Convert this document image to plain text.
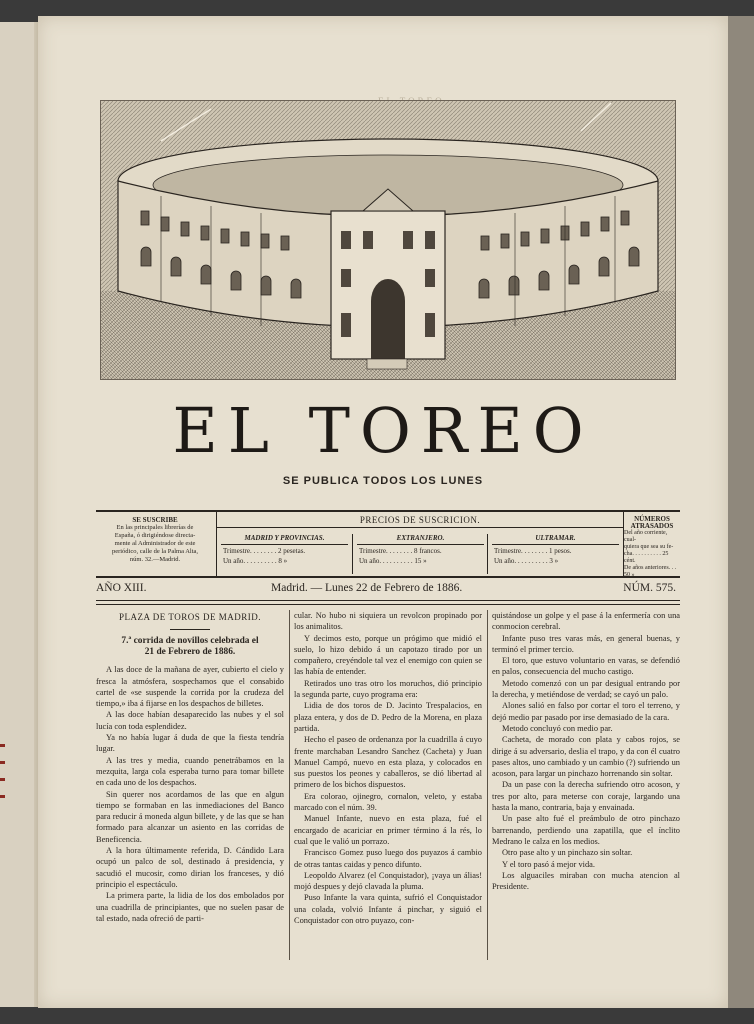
EL TOREO
SE PUBLICA TODOS LOS LUNES
SE SUSCRIBE
En las principales librerías de
España, ó dirigiéndose directa-
mente al Administrador de este
periódico, calle de la Palma Alta,
núm. 32.—Madrid.
PRECIOS DE SUSCRICION.
MADRID Y PROVINCIAS.
Trimestre. . . . . . . . 2 pesetas.
Un año. . . . . . . . . . 8 »
EXTRANJERO.
Trimestre. . . . . . . . 8 francos.
Un año. . . . . . . . . . 15 »
ULTRAMAR.
Trimestre. . . . . . . . 1 pesos.
Un año. . . . . . . . . . 3 »
NÚMEROS ATRASADOS
Del año corriente, cual-
quiera que sea su fe-
cha. . . . . . . . . . 25 cént.
De años anteriores. . . 50 »
AÑO XIII.	Madrid. — Lunes 22 de Febrero de 1886.	NÚM. 575.

PLAZA DE TOROS DE MADRID.

7.ª corrida de novillos celebrada el
21 de Febrero de 1886.

A las doce de la mañana de ayer, cubierto el cielo y fresca la atmósfera, sospechamos que el consabido cartel de «se suspende la corrida por la crudeza del tiempo,» iba á fijarse en los despachos de billetes.

A las doce habían desaparecido las nubes y el sol lucía con toda esplendidez.

Ya no había lugar á duda de que la fiesta tendría lugar.

A las tres y media, cuando penetrábamos en la mezquita, larga cola esperaba turno para tomar billete en cada uno de los despachos.

Sin querer nos acordamos de las que en algun tiempo se formaban en las inmediaciones del Banco para reducir á moneda algun billete, y de las que se han formado para alcanzar un asiento en las corridas de Beneficencia.

A la hora últimamente referida, D. Cándido Lara ocupó un palco de sol, destinado á presidencia, y sacudió el mucosir, como dirian los franceses, y dió principio el espectáculo.

La primera parte, la lidia de los dos embolados por una cuadrilla de principiantes, que no suelen pasar de tal estado, nada ofreció de parti-

cular. No hubo ni siquiera un revolcon propinado por los animalitos.

Y decimos esto, porque un prógimo que midió el suelo, lo hizo debido á un capotazo tirado por un compañero, creyéndole tal vez el enemigo con quien se las había de entender.

Retirados uno tras otro los moruchos, dió principio la segunda parte, cuyo programa era:

Lidia de dos toros de D. Jacinto Trespalacios, en plaza entera, y dos de D. Pedro de la Morena, en plaza partida.

Hecho el paseo de ordenanza por la cuadrilla á cuyo frente marchaban Lesandro Sanchez (Cacheta) y Juan Manuel Campó, nuevo en esta plaza, y colocados en sus puestos los peones y caballeros, se dió libertad al primero de los bichos dispuestos.

Era colorao, ojinegro, cornalon, veleto, y estaba marcado con el núm. 39.

Manuel Infante, nuevo en esta plaza, fué el encargado de acariciar en primer término á la rés, lo cual que le valió un porrazo.

Francisco Gomez puso luego dos puyazos á cambio de otras tantas caidas y penco difunto.

Leopoldo Alvarez (el Conquistador), ¡vaya un álias! mojó despues y dejó clavada la pluma.

Puso Infante la vara quinta, sufrió el Conquistador una colada, volvió Infante á pinchar, y siguió el Conquistador con otro puyazo, con-

quistándose un golpe y el pase á la enfermería con una conmocion cerebral.

Infante puso tres varas más, en general buenas, y terminó el primer tercio.

El toro, que estuvo voluntario en varas, se defendió en palos, consecuencia del mucho castigo.

Metodo comenzó con un par desigual entrando por la derecha, y metiéndose de verdad; se cayó un palo.

Alones salió en falso por cortar el toro el terreno, y dejó medio par pasado por irse demasiado de la cara.

Metodo concluyó con medio par.

Cacheta, de morado con plata y cabos rojos, se dirige á su adversario, deslia el trapo, y da con él cuatro pases altos, uno cambiado y un cambio (?) sufriendo un acoson, para largar un pinchazo horrenando sin soltar.

Da un pase con la derecha sufriendo otro acoson, y tres por alto, para meterse con coraje, largando una hasta la mano, contraria, baja y envainada.

Un pase alto fué el preámbulo de otro pinchazo barrenando, perdiendo una zapatilla, que el ínclito Medrano le calza en los medios.

Otro pase alto y un pinchazo sin soltar.

Y el toro pasó á mejor vida.

Los alguaciles miraban con mucha atencion al Presidente.
